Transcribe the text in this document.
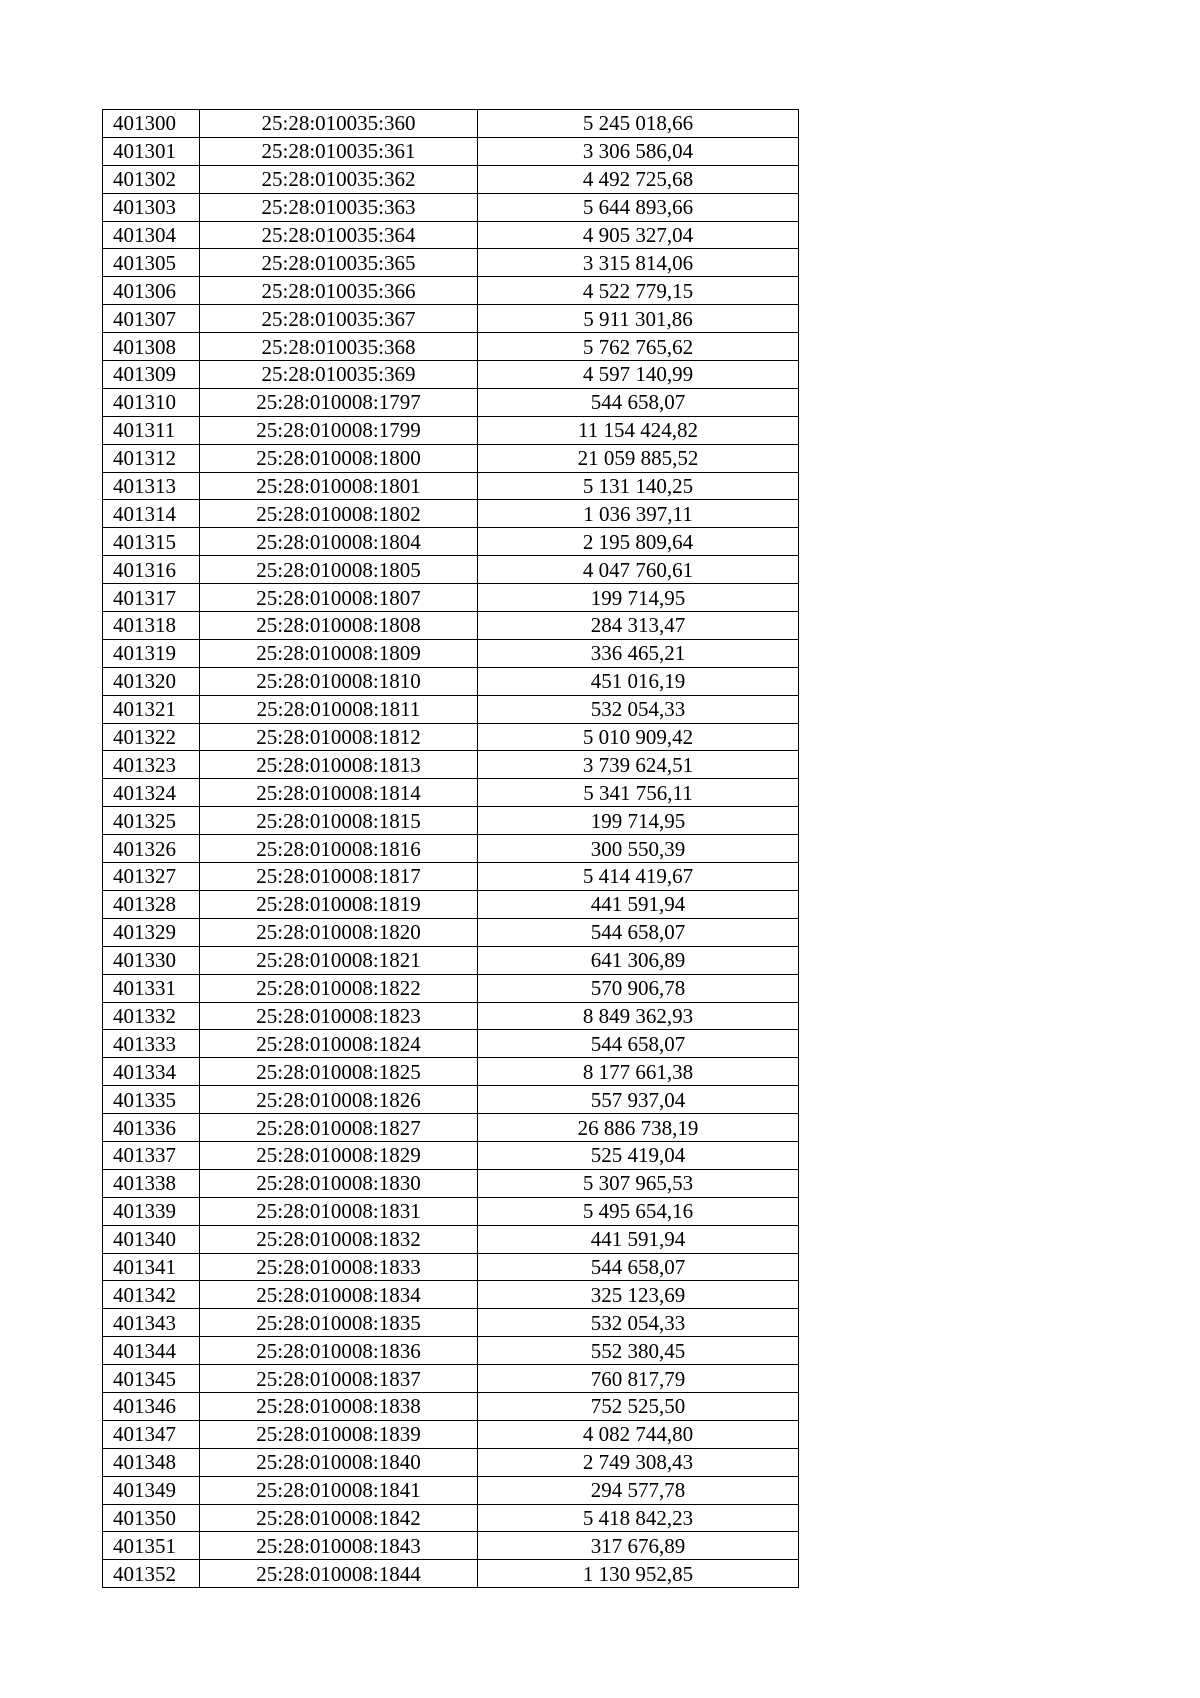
401300	25:28:010035:360	5 245 018,66
401301	25:28:010035:361	3 306 586,04
401302	25:28:010035:362	4 492 725,68
401303	25:28:010035:363	5 644 893,66
401304	25:28:010035:364	4 905 327,04
401305	25:28:010035:365	3 315 814,06
401306	25:28:010035:366	4 522 779,15
401307	25:28:010035:367	5 911 301,86
401308	25:28:010035:368	5 762 765,62
401309	25:28:010035:369	4 597 140,99
401310	25:28:010008:1797	544 658,07
401311	25:28:010008:1799	11 154 424,82
401312	25:28:010008:1800	21 059 885,52
401313	25:28:010008:1801	5 131 140,25
401314	25:28:010008:1802	1 036 397,11
401315	25:28:010008:1804	2 195 809,64
401316	25:28:010008:1805	4 047 760,61
401317	25:28:010008:1807	199 714,95
401318	25:28:010008:1808	284 313,47
401319	25:28:010008:1809	336 465,21
401320	25:28:010008:1810	451 016,19
401321	25:28:010008:1811	532 054,33
401322	25:28:010008:1812	5 010 909,42
401323	25:28:010008:1813	3 739 624,51
401324	25:28:010008:1814	5 341 756,11
401325	25:28:010008:1815	199 714,95
401326	25:28:010008:1816	300 550,39
401327	25:28:010008:1817	5 414 419,67
401328	25:28:010008:1819	441 591,94
401329	25:28:010008:1820	544 658,07
401330	25:28:010008:1821	641 306,89
401331	25:28:010008:1822	570 906,78
401332	25:28:010008:1823	8 849 362,93
401333	25:28:010008:1824	544 658,07
401334	25:28:010008:1825	8 177 661,38
401335	25:28:010008:1826	557 937,04
401336	25:28:010008:1827	26 886 738,19
401337	25:28:010008:1829	525 419,04
401338	25:28:010008:1830	5 307 965,53
401339	25:28:010008:1831	5 495 654,16
401340	25:28:010008:1832	441 591,94
401341	25:28:010008:1833	544 658,07
401342	25:28:010008:1834	325 123,69
401343	25:28:010008:1835	532 054,33
401344	25:28:010008:1836	552 380,45
401345	25:28:010008:1837	760 817,79
401346	25:28:010008:1838	752 525,50
401347	25:28:010008:1839	4 082 744,80
401348	25:28:010008:1840	2 749 308,43
401349	25:28:010008:1841	294 577,78
401350	25:28:010008:1842	5 418 842,23
401351	25:28:010008:1843	317 676,89
401352	25:28:010008:1844	1 130 952,85
